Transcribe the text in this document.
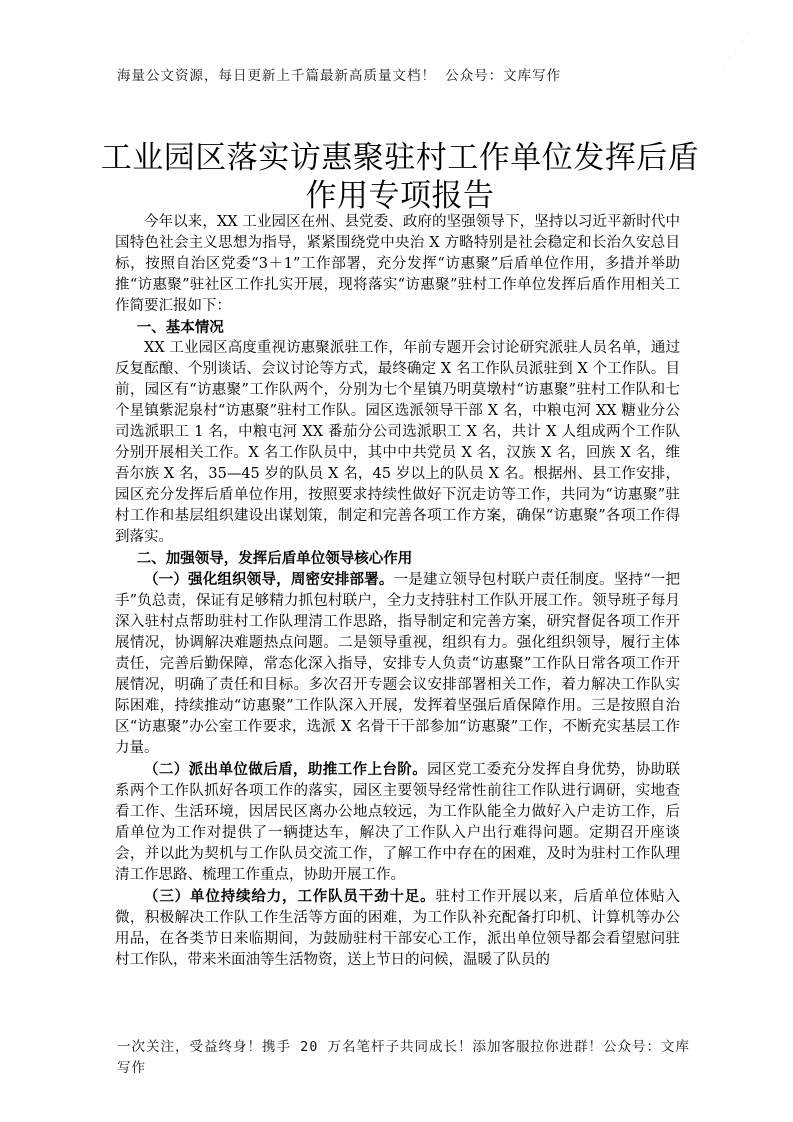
· · · · ·
海量公文资源，每日更新上千篇最新高质量文档！ 公众号：文库写作
工业园区落实访惠聚驻村工作单位发挥后盾作用专项报告

今年以来，XX 工业园区在州、县党委、政府的坚强领导下，坚持以习近平新时代中国特色社会主义思想为指导，紧紧围绕党中央治 X 方略特别是社会稳定和长治久安总目标，按照自治区党委“3＋1”工作部署，充分发挥“访惠聚”后盾单位作用，多措并举助推“访惠聚”驻社区工作扎实开展，现将落实“访惠聚”驻村工作单位发挥后盾作用相关工作简要汇报如下：

一、基本情况

XX 工业园区高度重视访惠聚派驻工作，年前专题开会讨论研究派驻人员名单，通过反复酝酿、个别谈话、会议讨论等方式，最终确定 X 名工作队员派驻到 X 个工作队。目前，园区有“访惠聚”工作队两个，分别为七个星镇乃明莫墩村“访惠聚”驻村工作队和七个星镇紫泥泉村“访惠聚”驻村工作队。园区选派领导干部 X 名，中粮屯河 XX 糖业分公司选派职工 1 名，中粮屯河 XX 番茄分公司选派职工 X 名，共计 X 人组成两个工作队分别开展相关工作。X 名工作队员中，其中中共党员 X 名，汉族 X 名，回族 X 名，维吾尔族 X 名，35—45 岁的队员 X 名，45 岁以上的队员 X 名。根据州、县工作安排，园区充分发挥后盾单位作用，按照要求持续性做好下沉走访等工作，共同为“访惠聚”驻村工作和基层组织建设出谋划策，制定和完善各项工作方案，确保“访惠聚”各项工作得到落实。

二、加强领导，发挥后盾单位领导核心作用

（一）强化组织领导，周密安排部署。一是建立领导包村联户责任制度。坚持“一把手”负总责，保证有足够精力抓包村联户，全力支持驻村工作队开展工作。领导班子每月深入驻村点帮助驻村工作队理清工作思路，指导制定和完善方案，研究督促各项工作开展情况，协调解决难题热点问题。二是领导重视，组织有力。强化组织领导，履行主体责任，完善后勤保障，常态化深入指导，安排专人负责“访惠聚”工作队日常各项工作开展情况，明确了责任和目标。多次召开专题会议安排部署相关工作，着力解决工作队实际困难，持续推动“访惠聚”工作队深入开展，发挥着坚强后盾保障作用。三是按照自治区“访惠聚”办公室工作要求，选派 X 名骨干干部参加“访惠聚”工作，不断充实基层工作力量。

（二）派出单位做后盾，助推工作上台阶。园区党工委充分发挥自身优势，协助联系两个工作队抓好各项工作的落实，园区主要领导经常性前往工作队进行调研，实地查看工作、生活环境，因居民区离办公地点较远，为工作队能全力做好入户走访工作，后盾单位为工作对提供了一辆捷达车，解决了工作队入户出行难得问题。定期召开座谈会，并以此为契机与工作队员交流工作，了解工作中存在的困难，及时为驻村工作队理清工作思路、梳理工作重点，协助开展工作。

（三）单位持续给力，工作队员干劲十足。驻村工作开展以来，后盾单位体贴入微，积极解决工作队工作生活等方面的困难，为工作队补充配备打印机、计算机等办公用品，在各类节日来临期间，为鼓励驻村干部安心工作，派出单位领导都会看望慰问驻村工作队，带来米面油等生活物资，送上节日的问候，温暖了队员的

一次关注，受益终身！携手 20 万名笔杆子共同成长！添加客服拉你进群！公众号：文库写作
